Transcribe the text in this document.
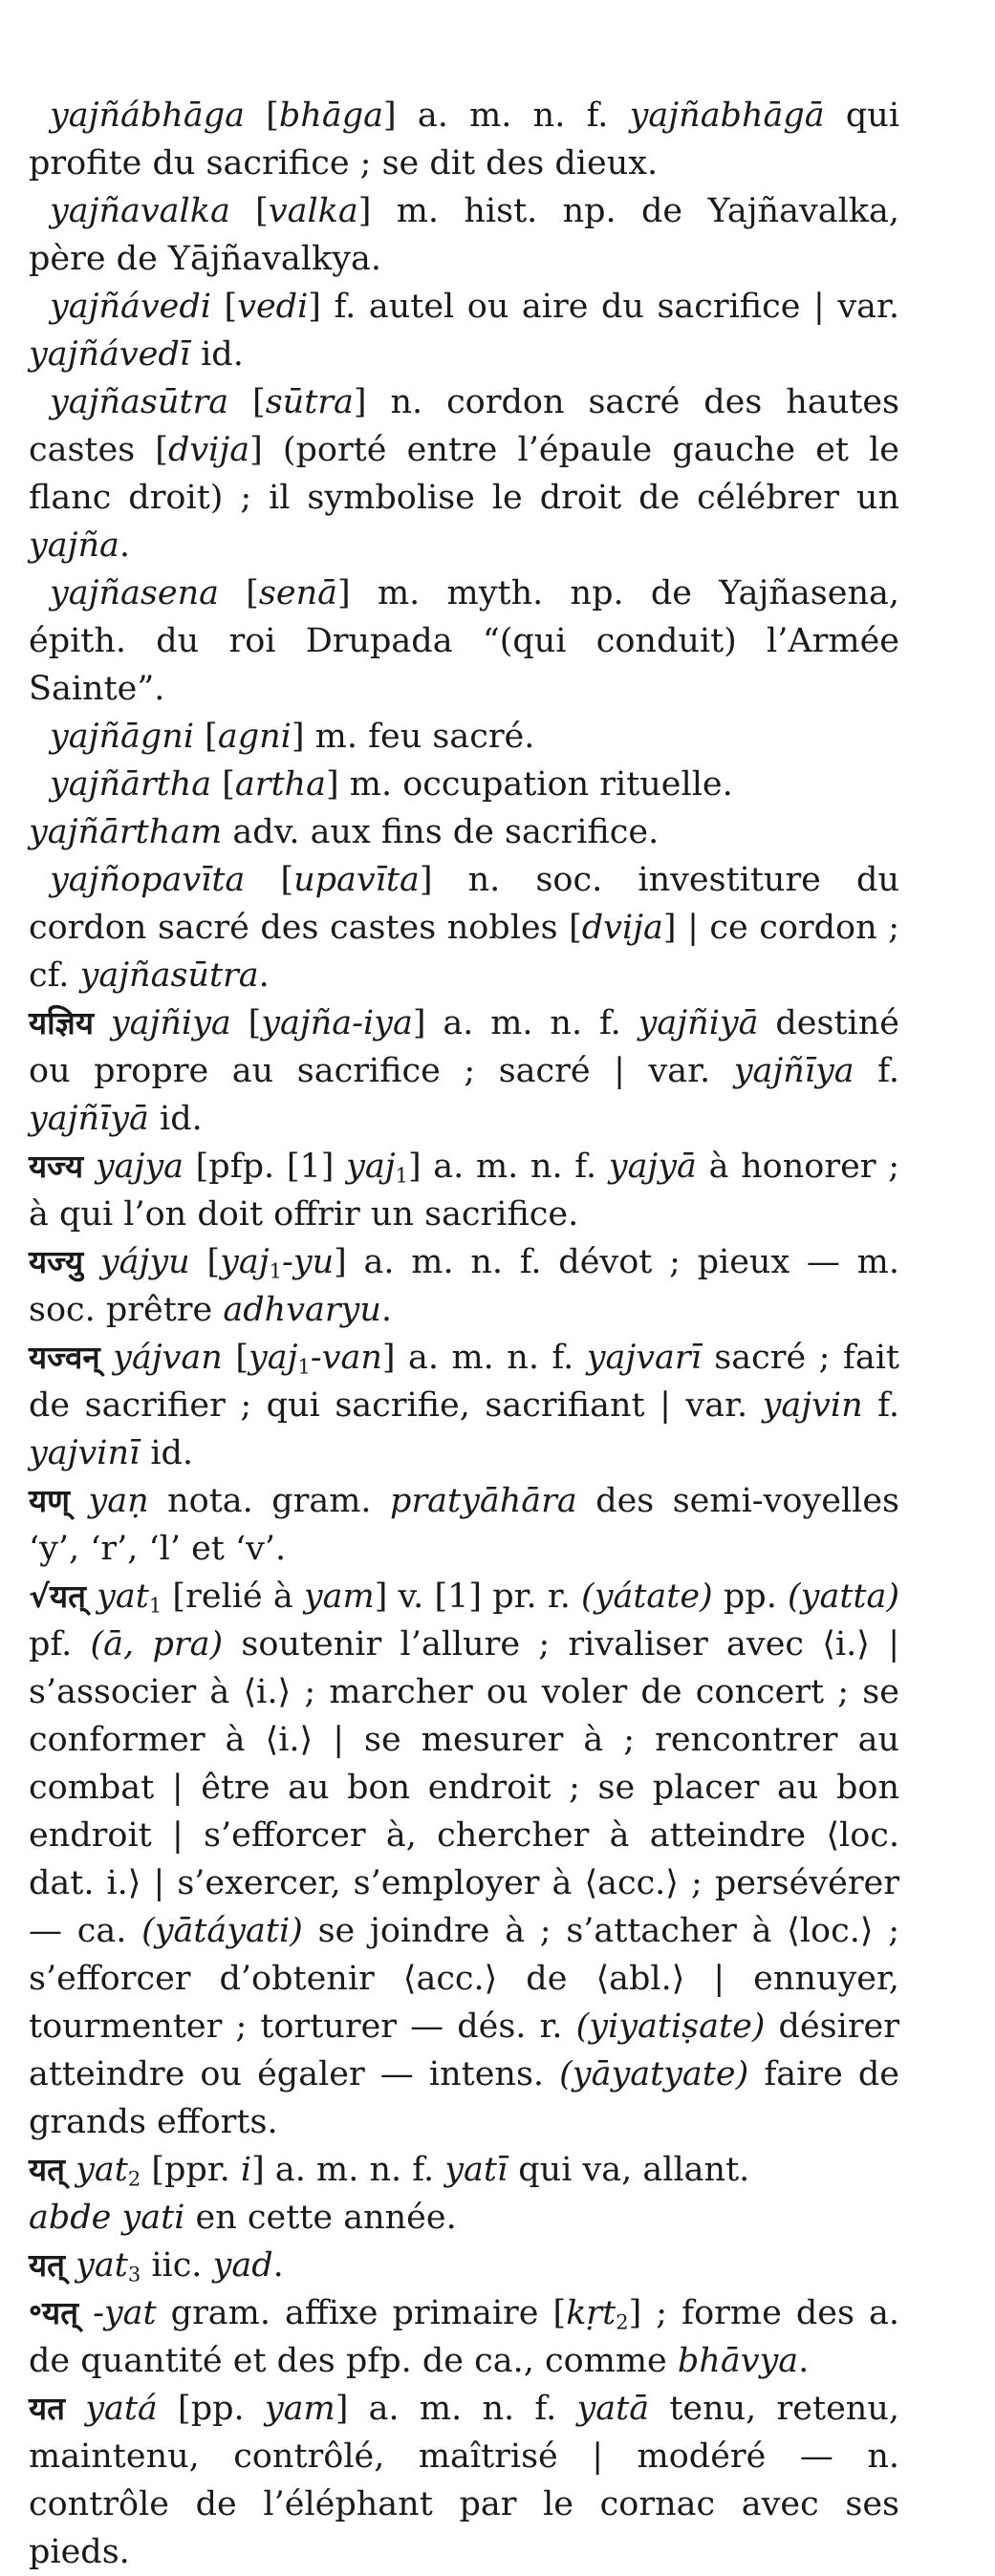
yajñábhāga [bhāga] a. m. n. f. yajñabhāgā qui profite du sacrifice ; se dit des dieux.

yajñavalka [valka] m. hist. np. de Yajñavalka, père de Yājñavalkya.

yajñávedi [vedi] f. autel ou aire du sacrifice | var. yajñávedī id.

yajñasūtra [sūtra] n. cordon sacré des hautes castes [dvija] (porté entre l’épaule gauche et le flanc droit) ; il symbolise le droit de célébrer un yajña.

yajñasena [senā] m. myth. np. de Yajñasena, épith. du roi Drupada “(qui conduit) l’Armée Sainte”.

yajñāgni [agni] m. feu sacré.

yajñārtha [artha] m. occupation rituelle.

yajñārtham adv. aux fins de sacrifice.

yajñopavīta [upavīta] n. soc. investiture du cordon sacré des castes nobles [dvija] | ce cordon ; cf. yajñasūtra.

यज्ञिय yajñiya [yajña-iya] a. m. n. f. yajñiyā destiné ou propre au sacrifice ; sacré | var. yajñīya f. yajñīyā id.

यज्य yajya [pfp. [1] yaj$_1$] a. m. n. f. yajyā à honorer ; à qui l’on doit offrir un sacrifice.

यज्यु yájyu [yaj$_1$-yu] a. m. n. f. dévot ; pieux — m. soc. prêtre adhvaryu.

यज्वन् yájvan [yaj$_1$-van] a. m. n. f. yajvarī sacré ; fait de sacrifier ; qui sacrifie, sacrifiant | var. yajvin f. yajvinī id.

यण् yaṇ nota. gram. pratyāhāra des semi-voyelles ‘y’, ‘r’, ‘l’ et ‘v’.

√यत् yat$_1$ [relié à yam] v. [1] pr. r. (yátate) pp. (yatta) pf. (ā, pra) soutenir l’allure ; rivaliser avec ⟨i.⟩ | s’associer à ⟨i.⟩ ; marcher ou voler de concert ; se conformer à ⟨i.⟩ | se mesurer à ; rencontrer au combat | être au bon endroit ; se placer au bon endroit | s’efforcer à, chercher à atteindre ⟨loc. dat. i.⟩ | s’exercer, s’employer à ⟨acc.⟩ ; persévérer — ca. (yātáyati) se joindre à ; s’attacher à ⟨loc.⟩ ; s’efforcer d’obtenir ⟨acc.⟩ de ⟨abl.⟩ | ennuyer, tourmenter ; torturer — dés. r. (yiyatiṣate) désirer atteindre ou égaler — intens. (yāyatyate) faire de grands efforts.

यत् yat$_2$ [ppr. i] a. m. n. f. yatī qui va, allant.

abde yati en cette année.

यत् yat$_3$ iic. yad.

॰यत् -yat gram. affixe primaire [kṛt$_2$] ; forme des a. de quantité et des pfp. de ca., comme bhāvya.

यत yatá [pp. yam] a. m. n. f. yatā tenu, retenu, maintenu, contrôlé, maîtrisé | modéré — n. contrôle de l’éléphant par le cornac avec ses pieds.
